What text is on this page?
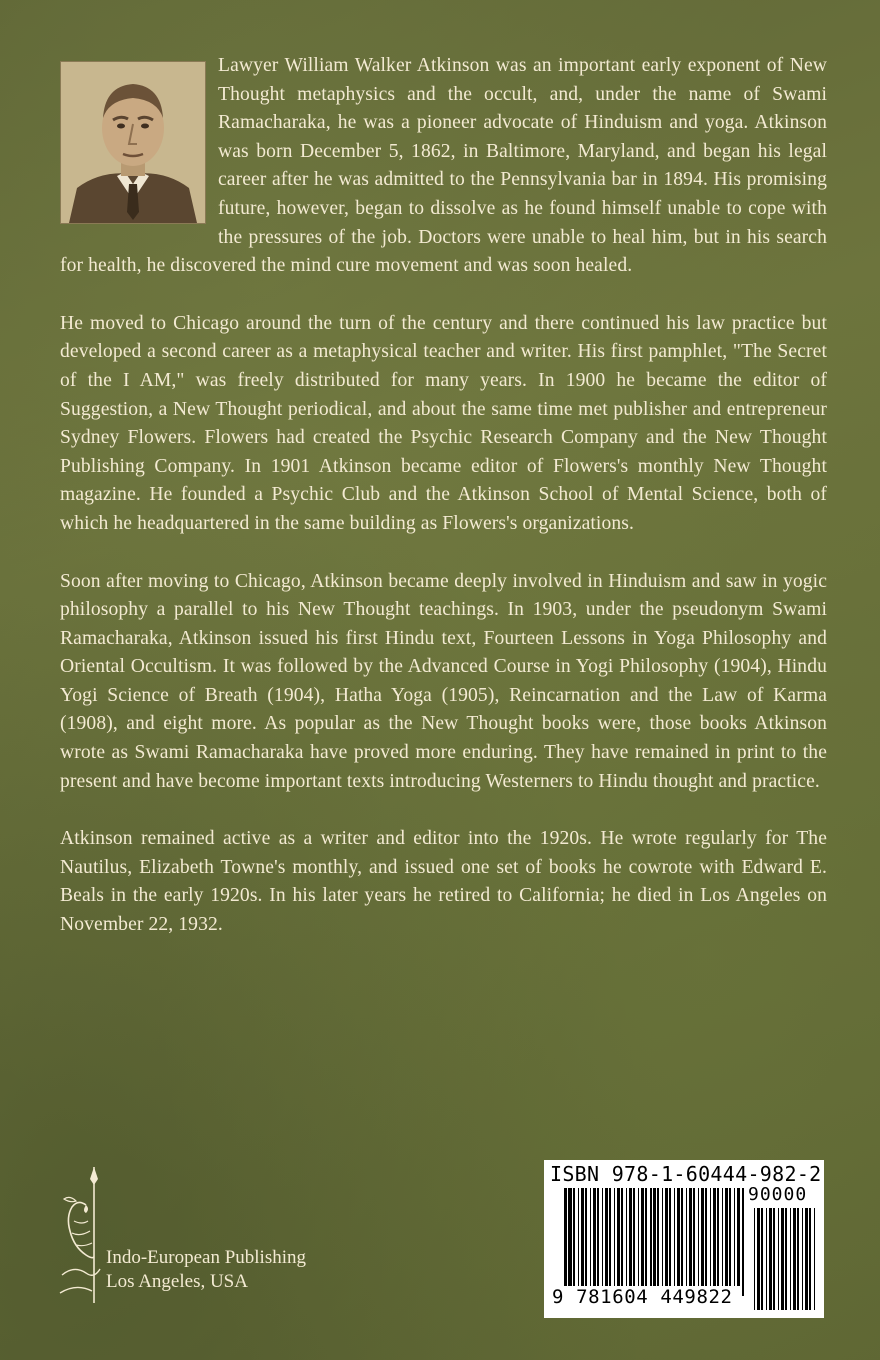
Lawyer William Walker Atkinson was an important early exponent of New Thought metaphysics and the occult, and, under the name of Swami Ramacharaka, he was a pioneer advocate of Hinduism and yoga. Atkinson was born December 5, 1862, in Baltimore, Maryland, and began his legal career after he was admitted to the Pennsylvania bar in 1894. His promising future, however, began to dissolve as he found himself unable to cope with the pressures of the job. Doctors were unable to heal him, but in his search for health, he discovered the mind cure movement and was soon healed.

He moved to Chicago around the turn of the century and there continued his law practice but developed a second career as a metaphysical teacher and writer. His first pamphlet, "The Secret of the I AM," was freely distributed for many years. In 1900 he became the editor of Suggestion, a New Thought periodical, and about the same time met publisher and entrepreneur Sydney Flowers. Flowers had created the Psychic Research Company and the New Thought Publishing Company. In 1901 Atkinson became editor of Flowers's monthly New Thought magazine. He founded a Psychic Club and the Atkinson School of Mental Science, both of which he headquartered in the same building as Flowers's organizations.

Soon after moving to Chicago, Atkinson became deeply involved in Hinduism and saw in yogic philosophy a parallel to his New Thought teachings. In 1903, under the pseudonym Swami Ramacharaka, Atkinson issued his first Hindu text, Fourteen Lessons in Yoga Philosophy and Oriental Occultism. It was followed by the Advanced Course in Yogi Philosophy (1904), Hindu Yogi Science of Breath (1904), Hatha Yoga (1905), Reincarnation and the Law of Karma (1908), and eight more. As popular as the New Thought books were, those books Atkinson wrote as Swami Ramacharaka have proved more enduring. They have remained in print to the present and have become important texts introducing Westerners to Hindu thought and practice.

Atkinson remained active as a writer and editor into the 1920s. He wrote regularly for The Nautilus, Elizabeth Towne's monthly, and issued one set of books he cowrote with Edward E. Beals in the early 1920s. In his later years he retired to California; he died in Los Angeles on November 22, 1932.

Indo-European Publishing
Los Angeles, USA
ISBN 978-1-60444-982-2
90000
9 781604 449822
